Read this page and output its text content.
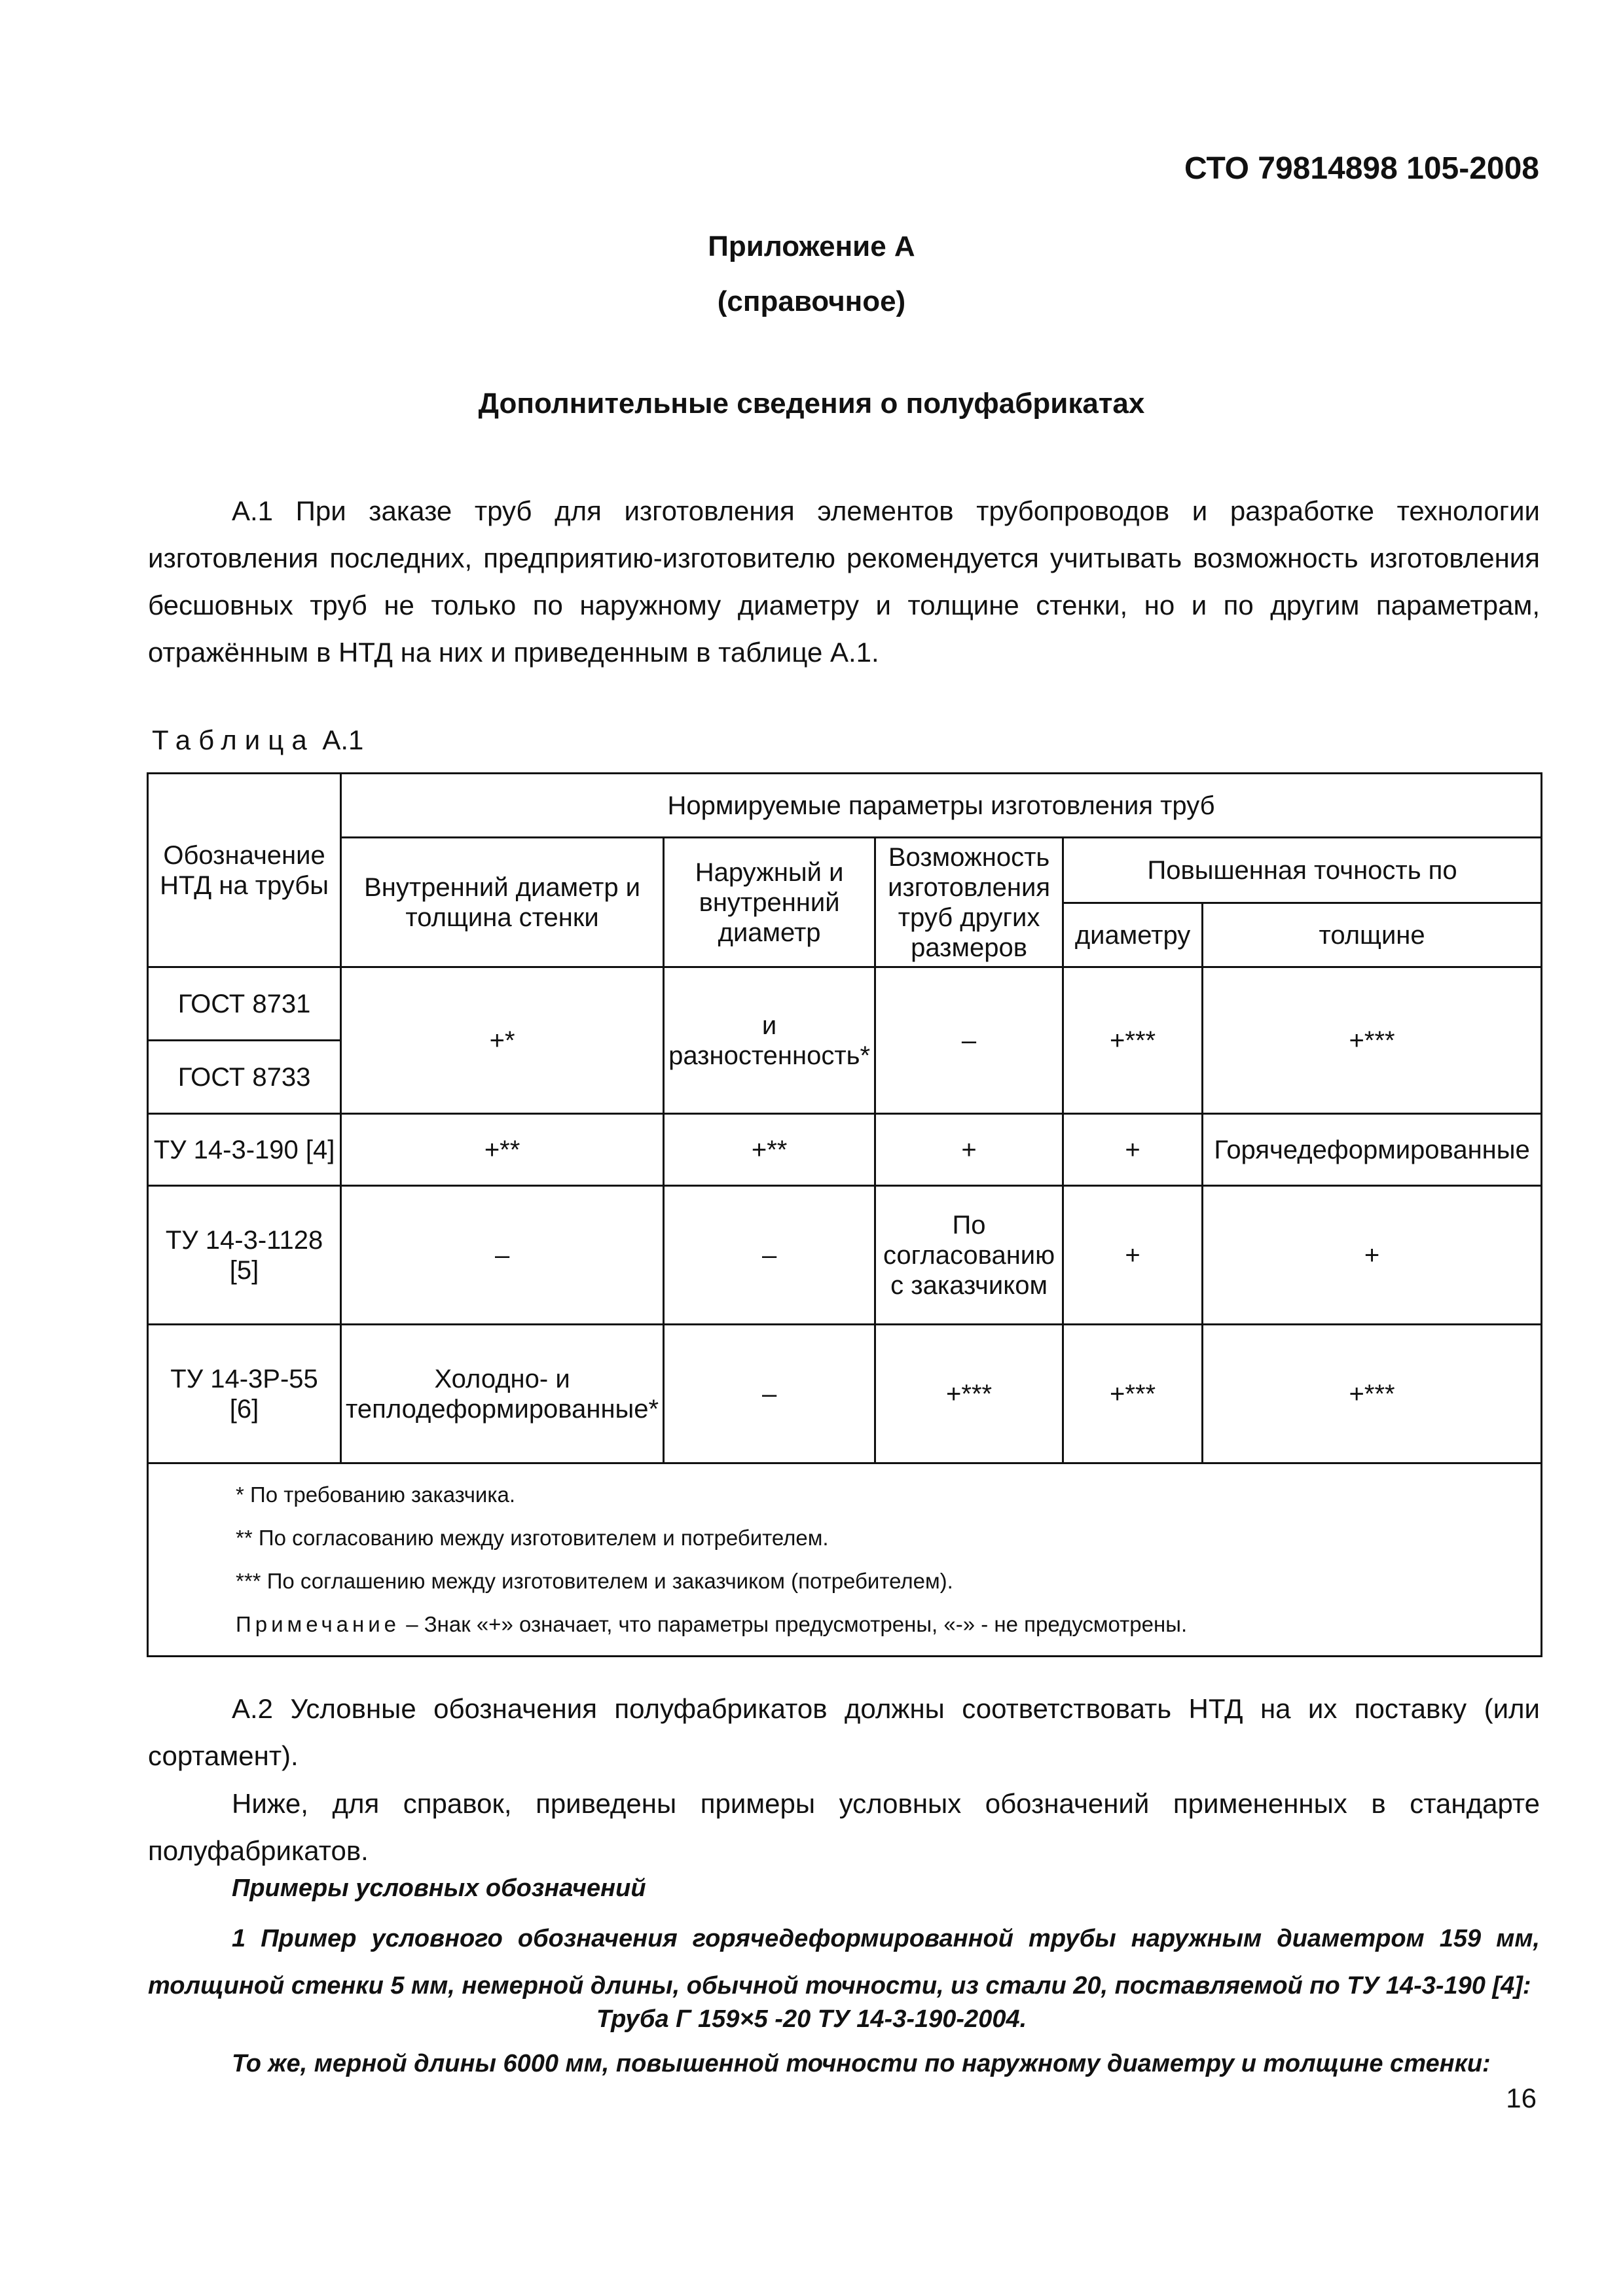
СТО 79814898 105-2008
Приложение А
(справочное)
Дополнительные сведения о полуфабрикатах
А.1 При заказе труб для изготовления элементов трубопроводов и разработке технологии изготовления последних, предприятию-изготовителю рекомендуется учитывать возможность изготовления бесшовных труб не только по наружному диаметру и толщине стенки, но и по другим параметрам, отражённым в НТД на них и приведенным в таблице А.1.
Таблица А.1
Обозначение НТД на трубы	Нормируемые параметры изготовления труб				
	Внутренний диаметр и толщина стенки	Наружный и внутренний диаметр	Возможность изготовления труб других размеров	Повышенная точность по	
				диаметру	толщине
ГОСТ 8731	+*	и разностенность*	–	+***	+***
ГОСТ 8733					
ТУ 14-3-190 [4]	+**	+**	+	+	Горячедеформированные
ТУ 14-3-1128 [5]	–	–	По согласованию с заказчиком	+	+
ТУ 14-3Р-55 [6]	Холодно- и теплодеформированные*	–	+***	+***	+***

* По требованию заказчика.
** По согласованию между изготовителем и потребителем.
*** По соглашению между изготовителем и заказчиком (потребителем).
Примечание – Знак «+» означает, что параметры предусмотрены, «-» - не предусмотрены.					
А.2 Условные обозначения полуфабрикатов должны соответствовать НТД на их поставку (или сортамент).
Ниже, для справок, приведены примеры условных обозначений примененных в стандарте полуфабрикатов.
Примеры условных обозначений
1 Пример условного обозначения горячедеформированной трубы наружным диаметром 159 мм, толщиной стенки 5 мм, немерной длины, обычной точности, из стали 20, поставляемой по ТУ 14-3-190 [4]:
Труба Г 159×5 -20 ТУ 14-3-190-2004.
То же, мерной длины 6000 мм, повышенной точности по наружному диаметру и толщине стенки:
16
